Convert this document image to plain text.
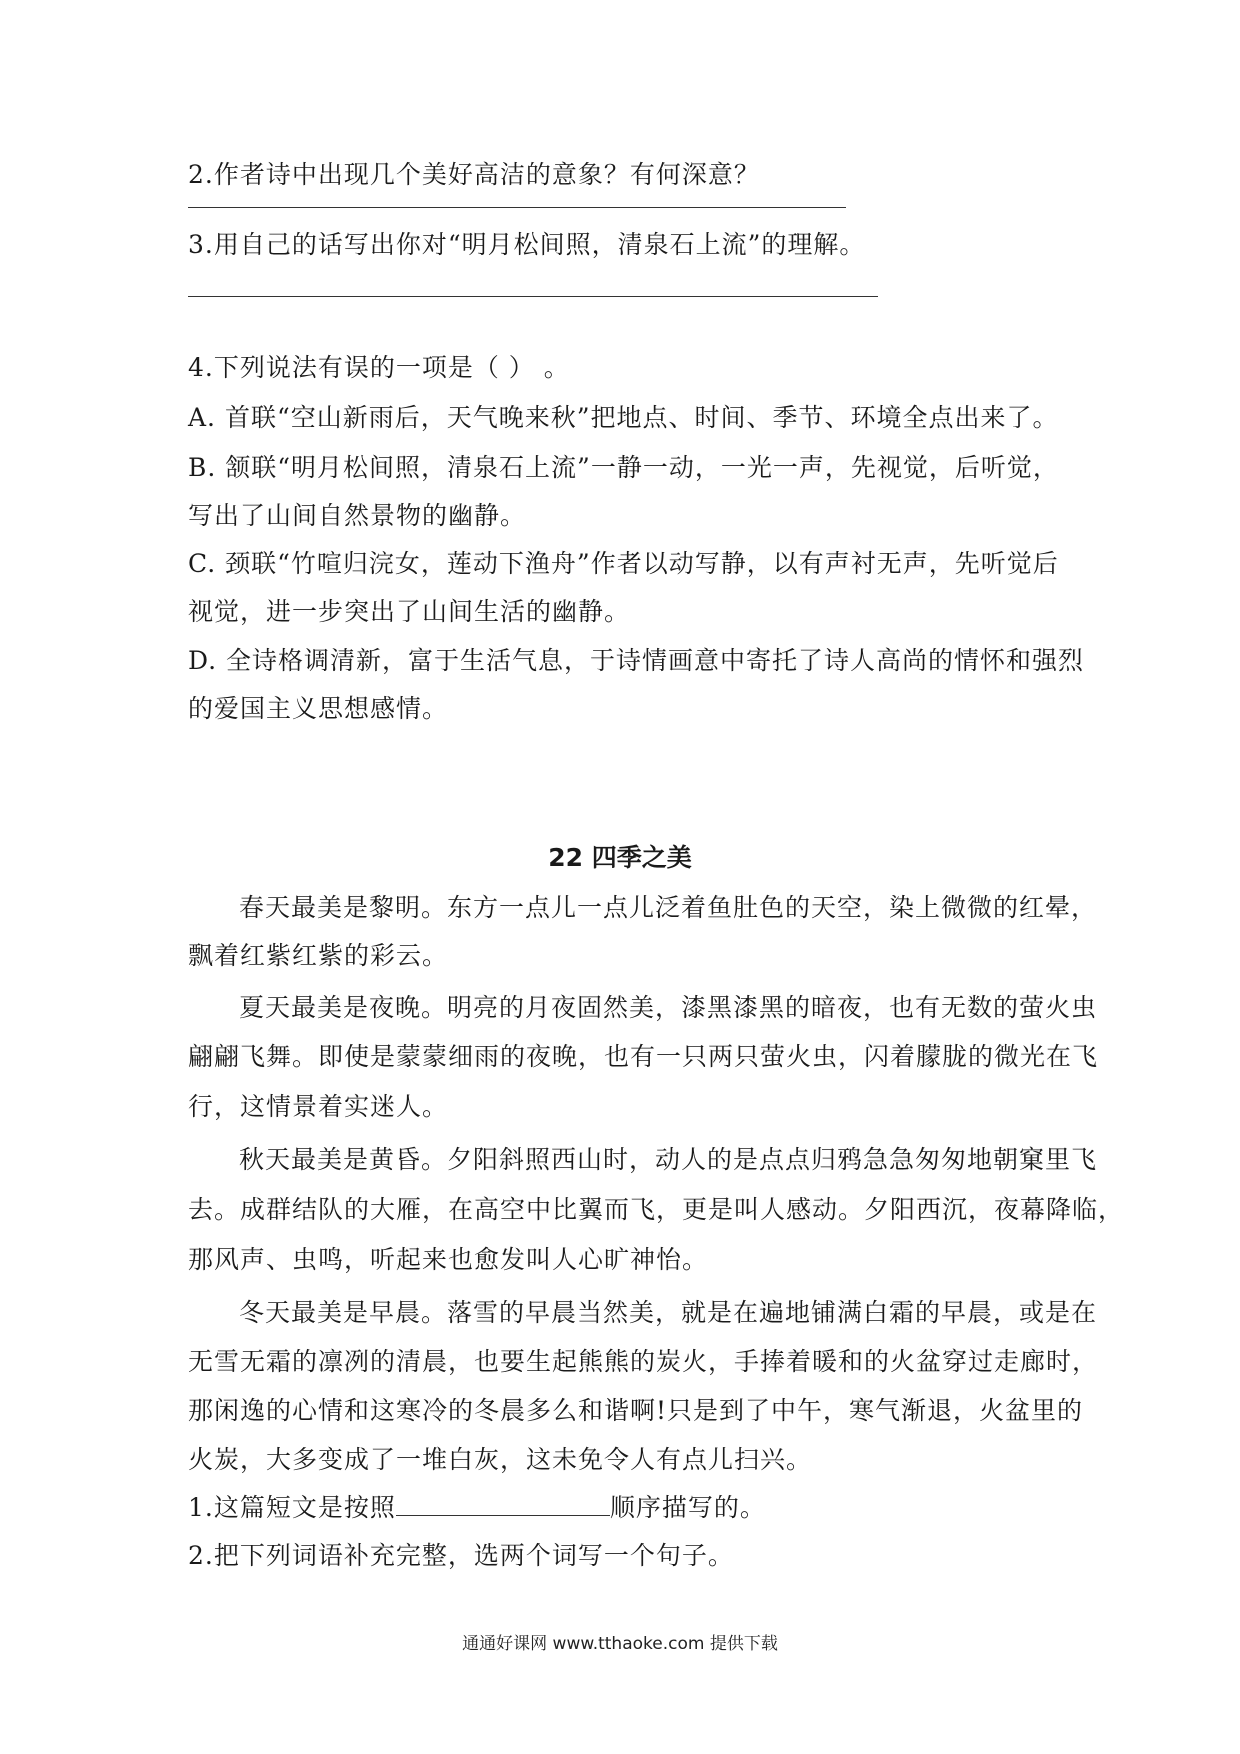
2.作者诗中出现几个美好高洁的意象？有何深意？
3.用自己的话写出你对“明月松间照，清泉石上流”的理解。
4.下列说法有误的一项是（ ） 。
A. 首联“空山新雨后，天气晚来秋”把地点、时间、季节、环境全点出来了。
B. 颔联“明月松间照，清泉石上流”一静一动，一光一声，先视觉，后听觉，
写出了山间自然景物的幽静。
C. 颈联“竹喧归浣女，莲动下渔舟”作者以动写静，以有声衬无声，先听觉后
视觉，进一步突出了山间生活的幽静。
D. 全诗格调清新，富于生活气息，于诗情画意中寄托了诗人高尚的情怀和强烈
的爱国主义思想感情。
22 四季之美
春天最美是黎明。东方一点儿一点儿泛着鱼肚色的天空，染上微微的红晕，
飘着红紫红紫的彩云。
夏天最美是夜晚。明亮的月夜固然美，漆黑漆黑的暗夜，也有无数的萤火虫
翩翩飞舞。即使是蒙蒙细雨的夜晚，也有一只两只萤火虫，闪着朦胧的微光在飞
行，这情景着实迷人。
秋天最美是黄昏。夕阳斜照西山时，动人的是点点归鸦急急匆匆地朝窠里飞
去。成群结队的大雁，在高空中比翼而飞，更是叫人感动。夕阳西沉，夜幕降临，
那风声、虫鸣，听起来也愈发叫人心旷神怡。
冬天最美是早晨。落雪的早晨当然美，就是在遍地铺满白霜的早晨，或是在
无雪无霜的凛冽的清晨，也要生起熊熊的炭火，手捧着暖和的火盆穿过走廊时，
那闲逸的心情和这寒冷的冬晨多么和谐啊!只是到了中午，寒气渐退，火盆里的
火炭，大多变成了一堆白灰，这未免令人有点儿扫兴。
1.这篇短文是按照	顺序描写的。
2.把下列词语补充完整，选两个词写一个句子。
通通好课网 www.tthaoke.com 提供下载
